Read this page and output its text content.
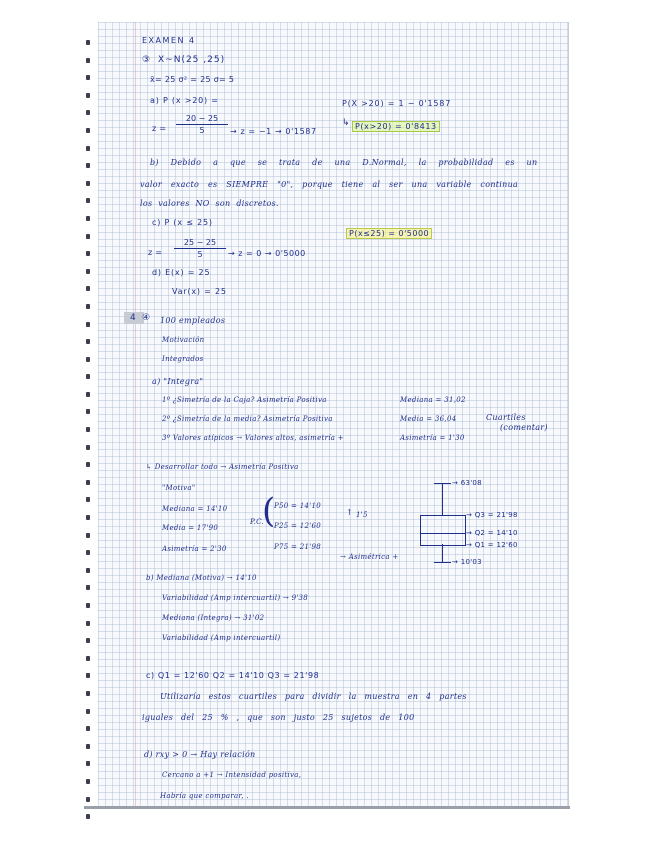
EXAMEN 4
③ X~N(25 ,25)
x̄= 25 σ² = 25 σ= 5
a) P (x >20) =	P(X >20) = 1 − 0'1587
z =
20 − 25
5	→ z = −1 → 0'1587
↳ P(x>20) = 0'8413
b) Debido a que se trata de una D.Normal, la probabilidad es un
valor exacto es SIEMPRE "0", porque tiene al ser una variable continua
los valores NO son discretos.
c) P (x ≤ 25)
P(x≤25) = 0'5000
z =
25 − 25
5	→ z = 0 → 0'5000
d) E(x) = 25
Var(x) = 25
4 ④ 100 empleados
Motivación
Integrados
a) "Integra"
1º ¿Simetría de la Caja? Asimetría Positiva
2º ¿Simetría de la media? Asimetría Positiva
3º Valores atípicos → Valores altos, asimetría +
Mediana = 31,02
Media = 36,04
Asimetría = 1'30
Cuartiles
(comentar)
↳ Desarrollar todo → Asimetría Positiva
"Motiva"
Mediana = 14'10
Media = 17'90
Asimetría = 2'30
P.C.
(
P50 = 14'10
P25 = 12'60
P75 = 21'98
↑ 1'5
→ Asimétrica +
→ 63'08
→ Q3 = 21'98
→ Q2 = 14'10
→ Q1 = 12'60
→ 10'03
b) Mediana (Motiva) → 14'10
Variabilidad (Amp intercuartil) → 9'38
Mediana (Integra) → 31'02
Variabilidad (Amp intercuartil)
c) Q1 = 12'60 Q2 = 14'10 Q3 = 21'98
Utilizaría estos cuartiles para dividir la muestra en 4 partes
iguales del 25 % , que son justo 25 sujetos de 100
d) rxy > 0 → Hay relación
Cercano a +1 → Intensidad positiva,
Habría que comparar, .
